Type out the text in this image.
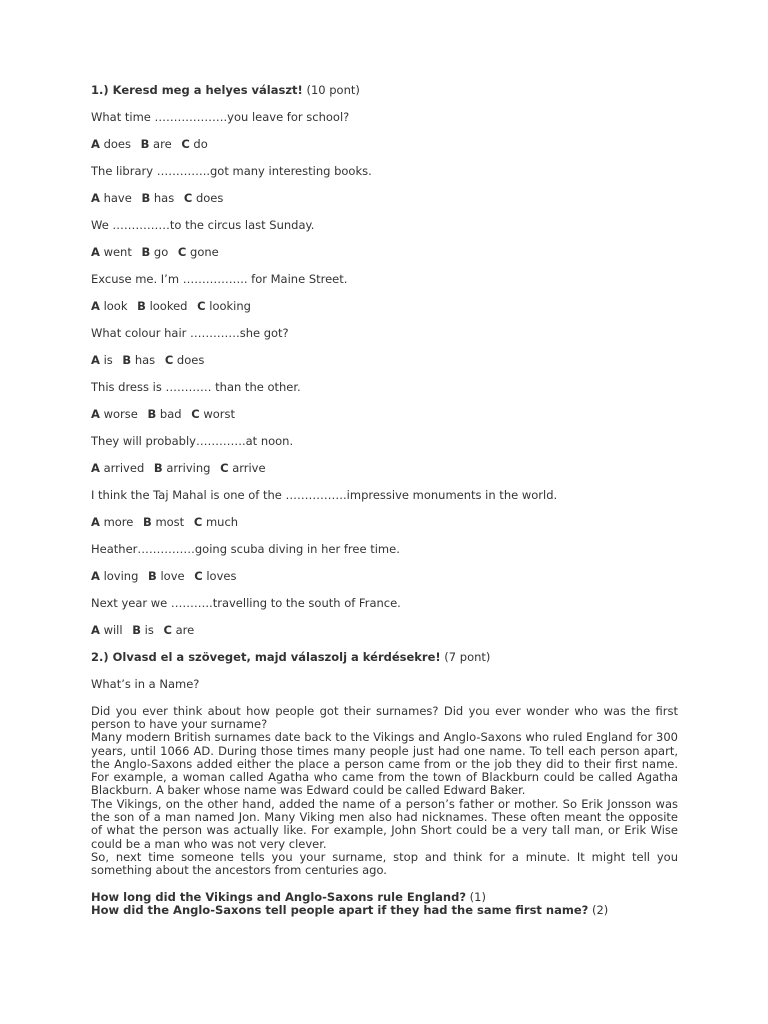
1.) Keresd meg a helyes választ! (10 pont)
What time ……………….you leave for school?
A does B are C do
The library …………..got many interesting books.
A have B has C does
We ……………to the circus last Sunday.
A went B go C gone
Excuse me. I’m …………….. for Maine Street.
A look B looked C looking
What colour hair ………….she got?
A is B has C does
This dress is ………… than the other.
A worse B bad C worst
They will probably………….at noon.
A arrived B arriving C arrive
I think the Taj Mahal is one of the …………….impressive monuments in the world.
A more B most C much
Heather……………going scuba diving in her free time.
A loving B love C loves
Next year we ………..travelling to the south of France.
A will B is C are
2.) Olvasd el a szöveget, majd válaszolj a kérdésekre! (7 pont)
What’s in a Name?

Did you ever think about how people got their surnames? Did you ever wonder who was the first person to have your surname?

Many modern British surnames date back to the Vikings and Anglo-Saxons who ruled England for 300 years, until 1066 AD. During those times many people just had one name. To tell each person apart, the Anglo-Saxons added either the place a person came from or the job they did to their first name. For example, a woman called Agatha who came from the town of Blackburn could be called Agatha Blackburn. A baker whose name was Edward could be called Edward Baker.

The Vikings, on the other hand, added the name of a person’s father or mother. So Erik Jonsson was the son of a man named Jon. Many Viking men also had nicknames. These often meant the opposite of what the person was actually like. For example, John Short could be a very tall man, or Erik Wise could be a man who was not very clever.

So, next time someone tells you your surname, stop and think for a minute. It might tell you something about the ancestors from centuries ago.

How long did the Vikings and Anglo-Saxons rule England? (1)

How did the Anglo-Saxons tell people apart if they had the same first name? (2)
